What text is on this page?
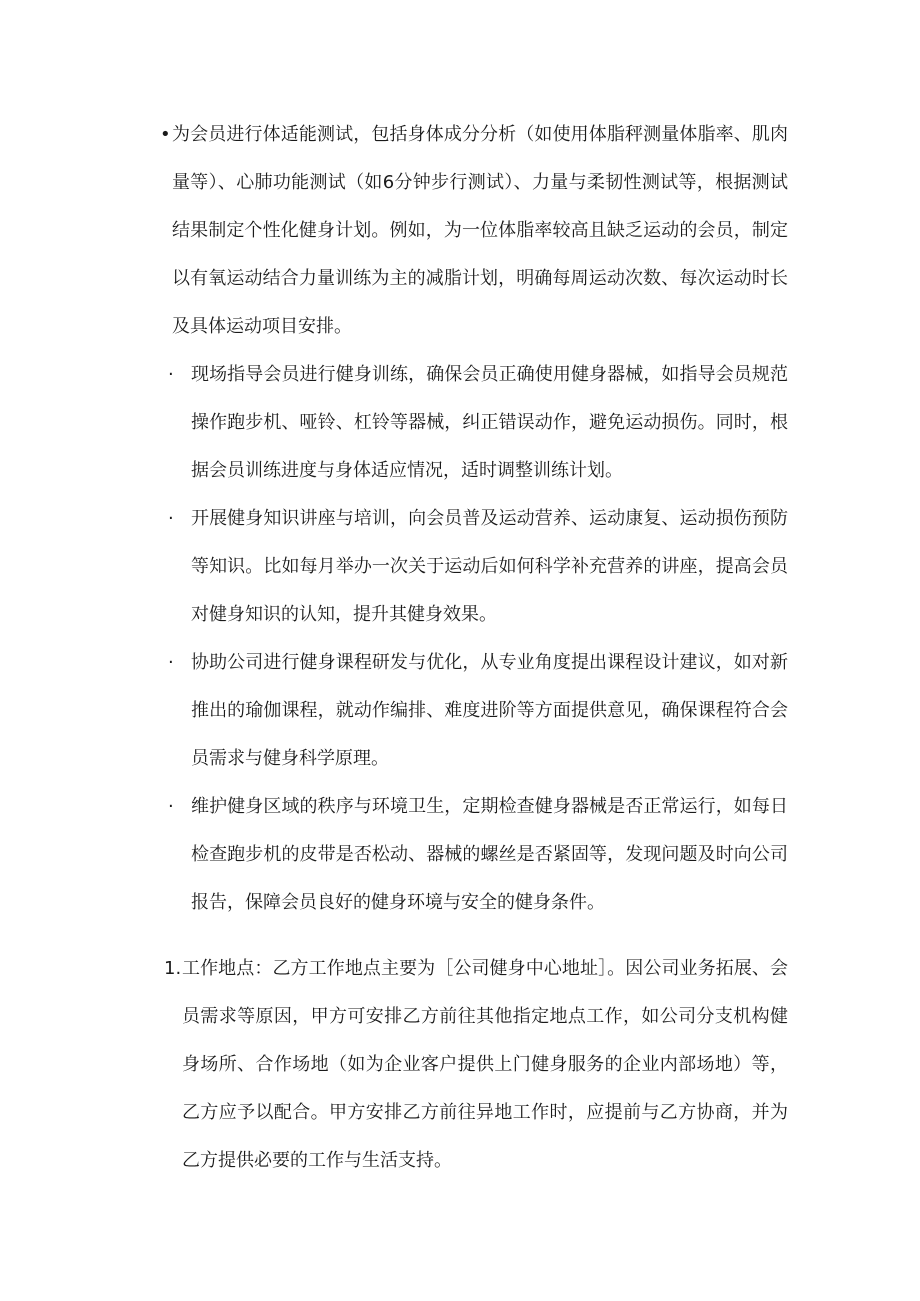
• 为会员进行体适能测试，包括身体成分分析（如使用体脂秤测量体脂率、肌肉量等）、心肺功能测试（如6分钟步行测试）、力量与柔韧性测试等，根据测试结果制定个性化健身计划。例如，为一位体脂率较高且缺乏运动的会员，制定以有氧运动结合力量训练为主的减脂计划，明确每周运动次数、每次运动时长及具体运动项目安排。
· 现场指导会员进行健身训练，确保会员正确使用健身器械，如指导会员规范操作跑步机、哑铃、杠铃等器械，纠正错误动作，避免运动损伤。同时，根据会员训练进度与身体适应情况，适时调整训练计划。
· 开展健身知识讲座与培训，向会员普及运动营养、运动康复、运动损伤预防等知识。比如每月举办一次关于运动后如何科学补充营养的讲座，提高会员对健身知识的认知，提升其健身效果。
· 协助公司进行健身课程研发与优化，从专业角度提出课程设计建议，如对新推出的瑜伽课程，就动作编排、难度进阶等方面提供意见，确保课程符合会员需求与健身科学原理。
· 维护健身区域的秩序与环境卫生，定期检查健身器械是否正常运行，如每日检查跑步机的皮带是否松动、器械的螺丝是否紧固等，发现问题及时向公司报告，保障会员良好的健身环境与安全的健身条件。
1. 工作地点：乙方工作地点主要为［公司健身中心地址］。因公司业务拓展、会员需求等原因，甲方可安排乙方前往其他指定地点工作，如公司分支机构健身场所、合作场地（如为企业客户提供上门健身服务的企业内部场地）等，乙方应予以配合。甲方安排乙方前往异地工作时，应提前与乙方协商，并为乙方提供必要的工作与生活支持。
